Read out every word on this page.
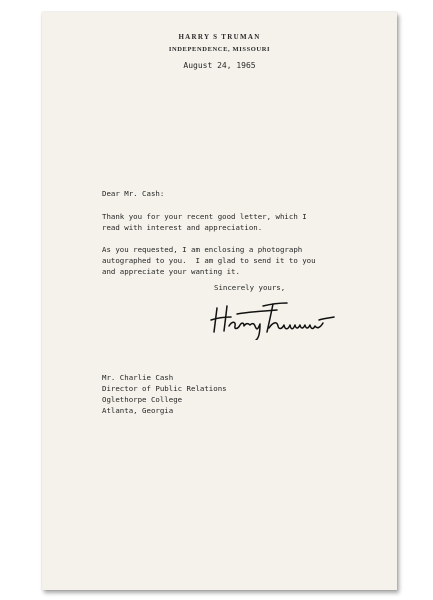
HARRY S TRUMAN
INDEPENDENCE, MISSOURI
August 24, 1965
Dear Mr. Cash:
Thank you for your recent good letter, which I
read with interest and appreciation.
As you requested, I am enclosing a photograph
autographed to you.  I am glad to send it to you
and appreciate your wanting it.
Sincerely yours,
Mr. Charlie Cash
Director of Public Relations
Oglethorpe College
Atlanta, Georgia
